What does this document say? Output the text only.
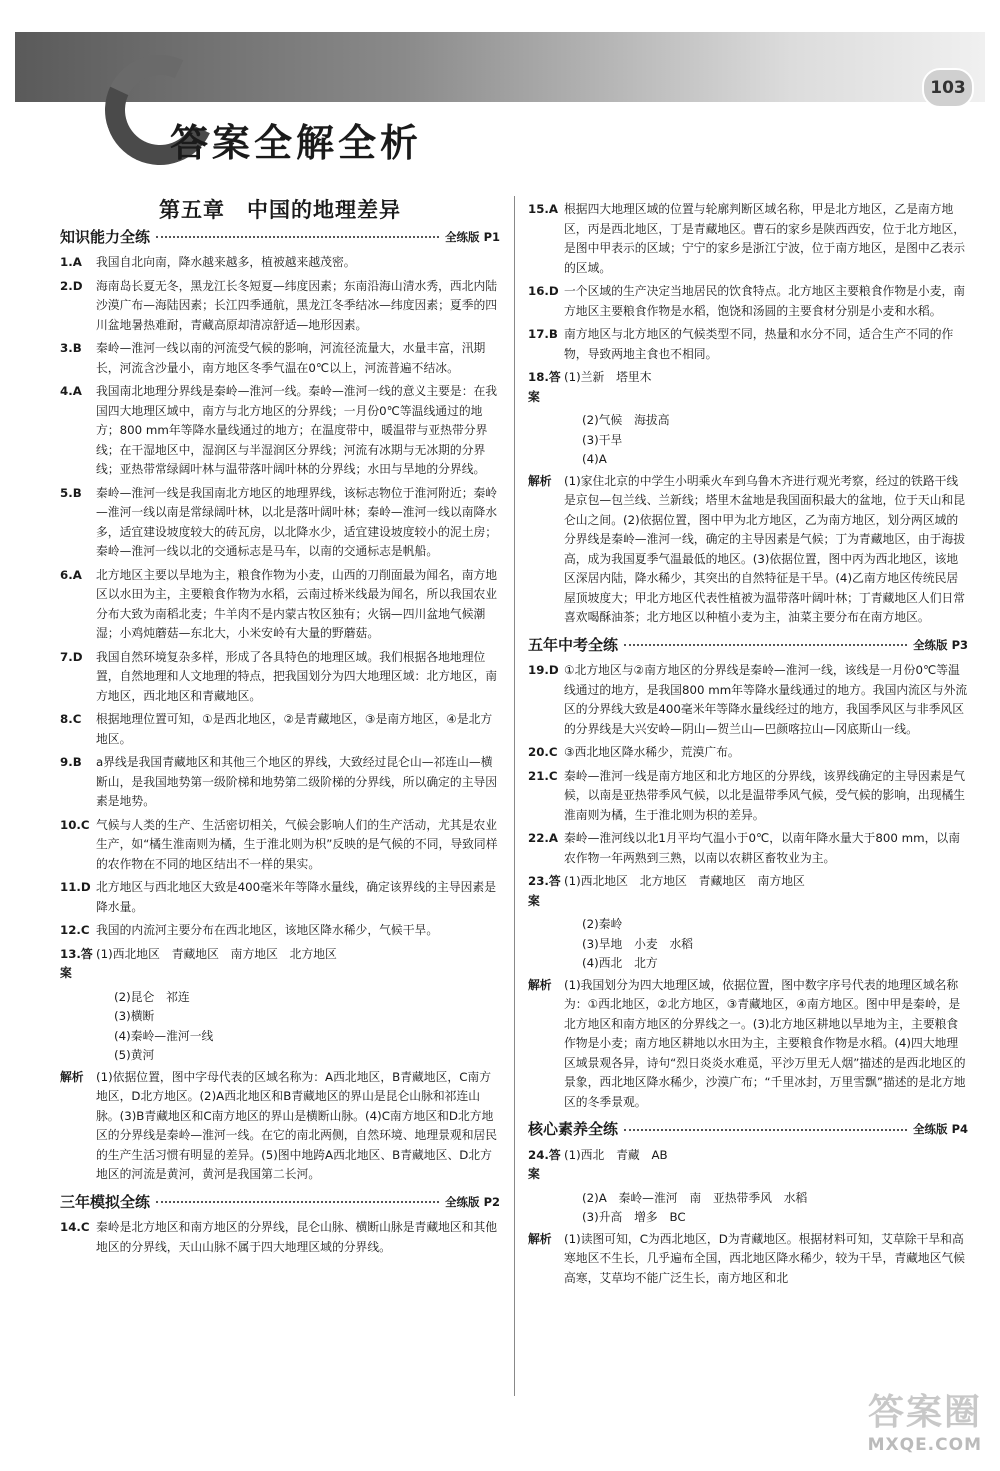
103
答案全解全析
第五章　中国的地理差异
知识能力全练	全练版 P1
1.A	我国自北向南，降水越来越多，植被越来越茂密。
2.D	海南岛长夏无冬，黑龙江长冬短夏—纬度因素；东南沿海山清水秀，西北内陆沙漠广布—海陆因素；长江四季通航，黑龙江冬季结冰—纬度因素；夏季的四川盆地暑热难耐，青藏高原却清凉舒适—地形因素。
3.B	秦岭—淮河一线以南的河流受气候的影响，河流径流量大，水量丰富，汛期长，河流含沙量小，南方地区冬季气温在0℃以上，河流普遍不结冰。
4.A	我国南北地理分界线是秦岭—淮河一线。秦岭—淮河一线的意义主要是：在我国四大地理区域中，南方与北方地区的分界线；一月份0℃等温线通过的地方；800 mm年等降水量线通过的地方；在温度带中，暖温带与亚热带分界线；在干湿地区中，湿润区与半湿润区分界线；河流有冰期与无冰期的分界线；亚热带常绿阔叶林与温带落叶阔叶林的分界线；水田与旱地的分界线。
5.B	秦岭—淮河一线是我国南北方地区的地理界线，该标志物位于淮河附近；秦岭—淮河一线以南是常绿阔叶林，以北是落叶阔叶林；秦岭—淮河一线以南降水多，适宜建设坡度较大的砖瓦房，以北降水少，适宜建设坡度较小的泥土房；秦岭—淮河一线以北的交通标志是马车，以南的交通标志是帆船。
6.A	北方地区主要以旱地为主，粮食作物为小麦，山西的刀削面最为闻名，南方地区以水田为主，主要粮食作物为水稻，云南过桥米线最为闻名，所以我国农业分布大致为南稻北麦；牛羊肉不是内蒙古牧区独有；火锅—四川盆地气候潮湿；小鸡炖蘑菇—东北大，小米安岭有大量的野蘑菇。
7.D	我国自然环境复杂多样，形成了各具特色的地理区域。我们根据各地地理位置，自然地理和人文地理的特点，把我国划分为四大地理区域：北方地区，南方地区，西北地区和青藏地区。
8.C	根据地理位置可知，①是西北地区，②是青藏地区，③是南方地区，④是北方地区。
9.B	a界线是我国青藏地区和其他三个地区的界线，大致经过昆仑山—祁连山—横断山，是我国地势第一级阶梯和地势第二级阶梯的分界线，所以确定的主导因素是地势。
10.C 气候与人类的生产、生活密切相关，气候会影响人们的生产活动，尤其是农业生产，如“橘生淮南则为橘，生于淮北则为枳”反映的是气候的不同，导致同样的农作物在不同的地区结出不一样的果实。
11.D 北方地区与西北地区大致是400毫米年等降水量线，确定该界线的主导因素是降水量。
12.C 我国的内流河主要分布在西北地区，该地区降水稀少，气候干旱。
13.答案
(1)西北地区　青藏地区　南方地区　北方地区
(2)昆仑　祁连
(3)横断
(4)秦岭—淮河一线
(5)黄河
解析	(1)依据位置，图中字母代表的区域名称为：A西北地区，B青藏地区，C南方地区，D北方地区。(2)A西北地区和B青藏地区的界山是昆仑山脉和祁连山脉。(3)B青藏地区和C南方地区的界山是横断山脉。(4)C南方地区和D北方地区的分界线是秦岭—淮河一线。在它的南北两侧，自然环境、地理景观和居民的生产生活习惯有明显的差异。(5)图中地跨A西北地区、B青藏地区、D北方地区的河流是黄河，黄河是我国第二长河。
三年模拟全练	全练版 P2
14.C 秦岭是北方地区和南方地区的分界线，昆仑山脉、横断山脉是青藏地区和其他地区的分界线，天山山脉不属于四大地理区域的分界线。
15.A 根据四大地理区域的位置与轮廓判断区域名称，甲是北方地区，乙是南方地区，丙是西北地区，丁是青藏地区。曹石的家乡是陕西西安，位于北方地区，是图中甲表示的区域；宁宁的家乡是浙江宁波，位于南方地区，是图中乙表示的区域。
16.D 一个区域的生产决定当地居民的饮食特点。北方地区主要粮食作物是小麦，南方地区主要粮食作物是水稻，饱饶和汤圆的主要食材分别是小麦和水稻。
17.B 南方地区与北方地区的气候类型不同，热量和水分不同，适合生产不同的作物，导致两地主食也不相同。
18.答案
(1)兰新　塔里木
(2)气候　海拔高
(3)干旱
(4)A
解析	(1)家住北京的中学生小明乘火车到乌鲁木齐进行观光考察，经过的铁路干线是京包—包兰线、兰新线；塔里木盆地是我国面积最大的盆地，位于天山和昆仑山之间。(2)依据位置，图中甲为北方地区，乙为南方地区，划分两区域的分界线是秦岭—淮河一线，确定的主导因素是气候；丁为青藏地区，由于海拔高，成为我国夏季气温最低的地区。(3)依据位置，图中丙为西北地区，该地区深居内陆，降水稀少，其突出的自然特征是干旱。(4)乙南方地区传统民居屋顶坡度大；甲北方地区代表性植被为温带落叶阔叶林；丁青藏地区人们日常喜欢喝酥油茶；北方地区以种植小麦为主，油菜主要分布在南方地区。
五年中考全练	全练版 P3
19.D ①北方地区与②南方地区的分界线是秦岭—淮河一线，该线是一月份0℃等温线通过的地方，是我国800 mm年等降水量线通过的地方。我国内流区与外流区的分界线大致是400毫米年等降水量线经过的地方，我国季风区与非季风区的分界线是大兴安岭—阴山—贺兰山—巴颜喀拉山—冈底斯山一线。
20.C ③西北地区降水稀少，荒漠广布。
21.C 秦岭—淮河一线是南方地区和北方地区的分界线，该界线确定的主导因素是气候，以南是亚热带季风气候，以北是温带季风气候，受气候的影响，出现橘生淮南则为橘，生于淮北则为枳的差异。
22.A 秦岭—淮河线以北1月平均气温小于0℃，以南年降水量大于800 mm，以南农作物一年两熟到三熟，以南以农耕区畜牧业为主。
23.答案
(1)西北地区　北方地区　青藏地区　南方地区
(2)秦岭
(3)旱地　小麦　水稻
(4)西北　北方
解析	(1)我国划分为四大地理区域，依据位置，图中数字序号代表的地理区域名称为：①西北地区，②北方地区，③青藏地区，④南方地区。图中甲是秦岭，是北方地区和南方地区的分界线之一。(3)北方地区耕地以旱地为主，主要粮食作物是小麦；南方地区耕地以水田为主，主要粮食作物是水稻。(4)四大地理区域景观各异，诗句“烈日炎炎水难觅，平沙万里无人烟”描述的是西北地区的景象，西北地区降水稀少，沙漠广布；“千里冰封，万里雪飘”描述的是北方地区的冬季景观。
核心素养全练	全练版 P4
24.答案
(1)西北　青藏　AB
(2)A　秦岭—淮河　南　亚热带季风　水稻
(3)升高　增多　BC
解析	(1)读图可知，C为西北地区，D为青藏地区。根据材料可知，艾草除干旱和高寒地区不生长，几乎遍布全国，西北地区降水稀少，较为干旱，青藏地区气候高寒，艾草均不能广泛生长，南方地区和北
答案圈
MXQE.COM
